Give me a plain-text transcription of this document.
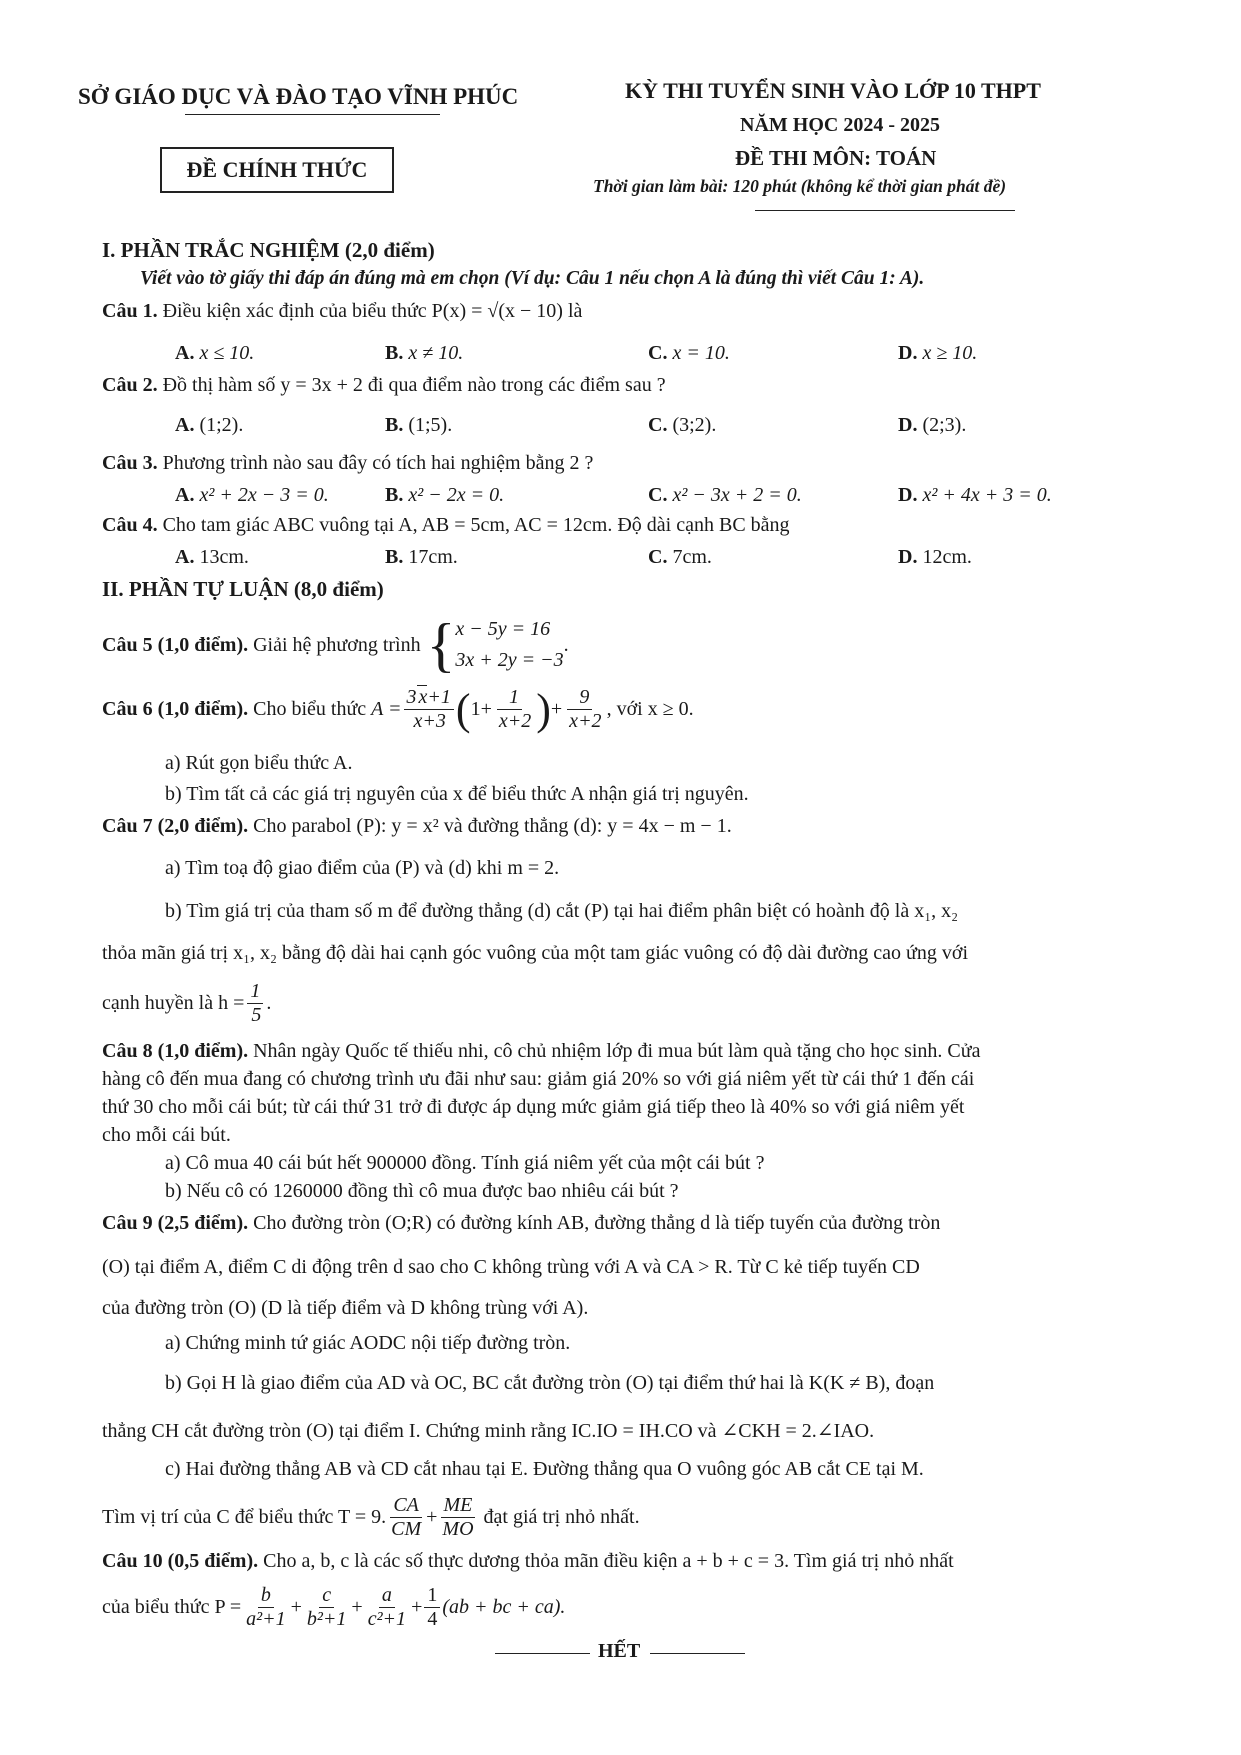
SỞ GIÁO DỤC VÀ ĐÀO TẠO VĨNH PHÚC
ĐỀ CHÍNH THỨC
KỲ THI TUYỂN SINH VÀO LỚP 10 THPT
NĂM HỌC 2024 - 2025
ĐỀ THI MÔN: TOÁN
Thời gian làm bài: 120 phút (không kể thời gian phát đề)
I. PHẦN TRẮC NGHIỆM (2,0 điểm)
Viết vào tờ giấy thi đáp án đúng mà em chọn (Ví dụ: Câu 1 nếu chọn A là đúng thì viết Câu 1: A).
Câu 1. Điều kiện xác định của biểu thức P(x) = √(x − 10) là
A. x ≤ 10.	B. x ≠ 10.	C. x = 10.	D. x ≥ 10.
Câu 2. Đồ thị hàm số y = 3x + 2 đi qua điểm nào trong các điểm sau ?
A. (1;2).	B. (1;5).	C. (3;2).	D. (2;3).
Câu 3. Phương trình nào sau đây có tích hai nghiệm bằng 2 ?
A. x² + 2x − 3 = 0.	B. x² − 2x = 0.	C. x² − 3x + 2 = 0.	D. x² + 4x + 3 = 0.
Câu 4. Cho tam giác ABC vuông tại A, AB = 5cm, AC = 12cm. Độ dài cạnh BC bằng
A. 13cm.	B. 17cm.	C. 7cm.	D. 12cm.
II. PHẦN TỰ LUẬN (8,0 điểm)
Câu 5 (1,0 điểm).
Giải hệ phương trình { x − 5y = 16
3x + 2y = −3
.
Câu 6 (1,0 điểm).
Cho biểu thức
$A = \frac{3 x+1}{x+3}$ ( $1+ \frac{1}{x+2}$ ) + $\frac{9}{x+2}$ , với x ≥ 0.
a) Rút gọn biểu thức A.
b) Tìm tất cả các giá trị nguyên của x để biểu thức A nhận giá trị nguyên.
Câu 7 (2,0 điểm). Cho parabol (P): y = x² và đường thẳng (d): y = 4x − m − 1.
a) Tìm toạ độ giao điểm của (P) và (d) khi m = 2.
b) Tìm giá trị của tham số m để đường thẳng (d) cắt (P) tại hai điểm phân biệt có hoành độ là x₁, x₂
thỏa mãn giá trị x₁, x₂ bằng độ dài hai cạnh góc vuông của một tam giác vuông có độ dài đường cao ứng với
cạnh huyền là $h = \frac{1}{5}$ .
Câu 8 (1,0 điểm). Nhân ngày Quốc tế thiếu nhi, cô chủ nhiệm lớp đi mua bút làm quà tặng cho học sinh. Cửa
hàng cô đến mua đang có chương trình ưu đãi như sau: giảm giá 20% so với giá niêm yết từ cái thứ 1 đến cái
thứ 30 cho mỗi cái bút; từ cái thứ 31 trở đi được áp dụng mức giảm giá tiếp theo là 40% so với giá niêm yết
cho mỗi cái bút.
a) Cô mua 40 cái bút hết 900000 đồng. Tính giá niêm yết của một cái bút ?
b) Nếu cô có 1260000 đồng thì cô mua được bao nhiêu cái bút ?
Câu 9 (2,5 điểm). Cho đường tròn (O;R) có đường kính AB, đường thẳng d là tiếp tuyến của đường tròn
(O) tại điểm A, điểm C di động trên d sao cho C không trùng với A và CA > R. Từ C kẻ tiếp tuyến CD
của đường tròn (O) (D là tiếp điểm và D không trùng với A).
a) Chứng minh tứ giác AODC nội tiếp đường tròn.
b) Gọi H là giao điểm của AD và OC, BC cắt đường tròn (O) tại điểm thứ hai là K(K ≠ B), đoạn
thẳng CH cắt đường tròn (O) tại điểm I. Chứng minh rằng IC.IO = IH.CO và ∠CKH = 2.∠IAO.
c) Hai đường thẳng AB và CD cắt nhau tại E. Đường thẳng qua O vuông góc AB cắt CE tại M.
Tìm vị trí của C để biểu thức T = 9. $\frac{CA}{CM} + \frac{ME}{MO}$
đạt giá trị nhỏ nhất.
Câu 10 (0,5 điểm). Cho a, b, c là các số thực dương thỏa mãn điều kiện a + b + c = 3. Tìm giá trị nhỏ nhất
của biểu thức $P = \frac{b}{\text{a²+1}} + \frac{c}{\text{b²+1}} + \frac{a}{\text{c²+1}} + \frac{1}{4} (ab$ + bc + ca).
HẾT
